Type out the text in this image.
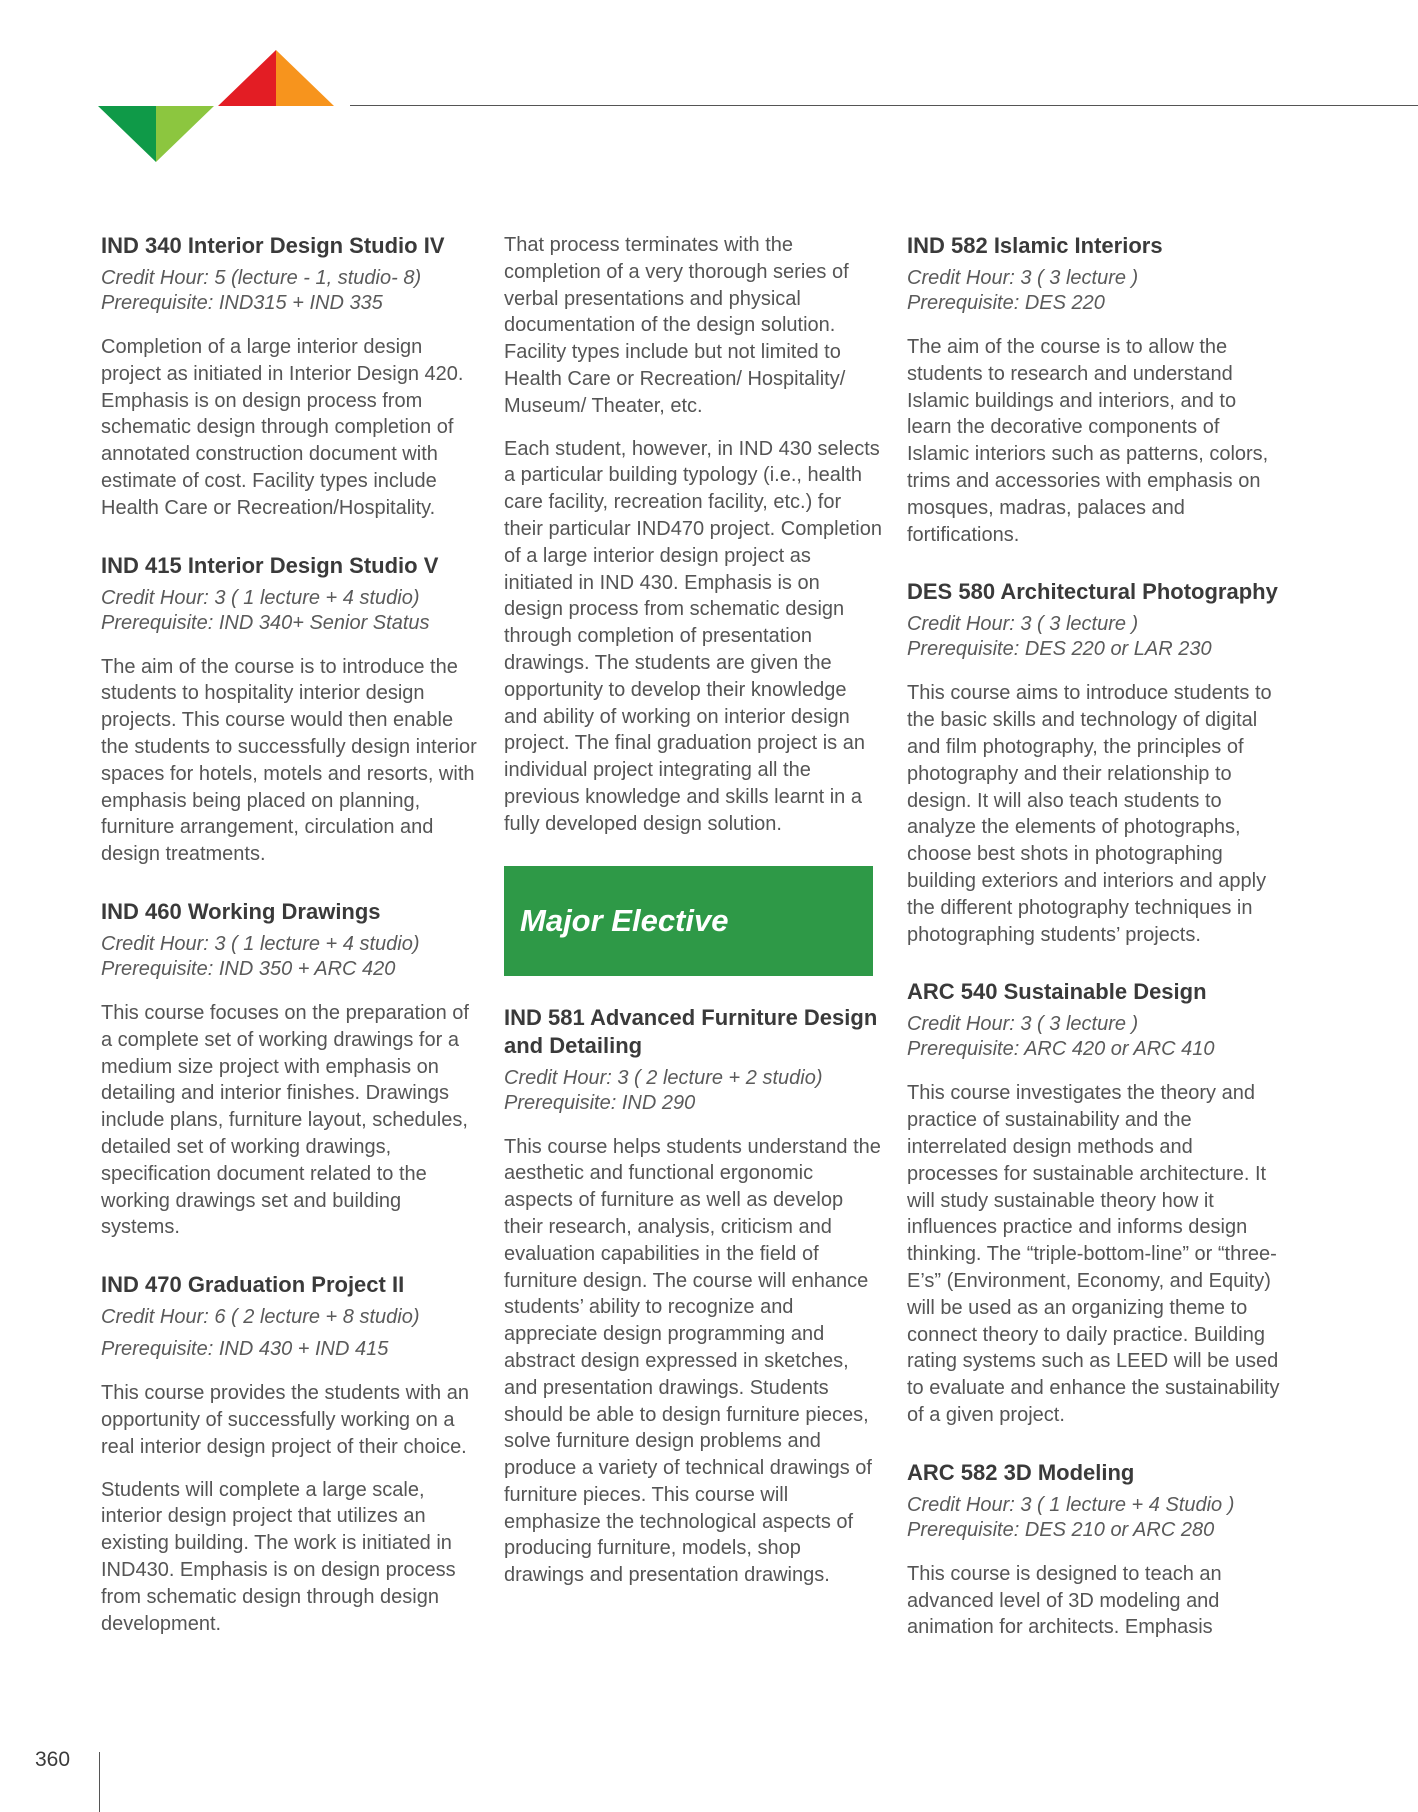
IND 340 Interior Design Studio IV
Credit Hour: 5 (lecture - 1, studio- 8)
Prerequisite: IND315 + IND 335

Completion of a large interior design project as initiated in Interior Design 420. Emphasis is on design process from schematic design through completion of annotated construction document with estimate of cost. Facility types include Health Care or Recreation/Hospitality.

IND 415 Interior Design Studio V
Credit Hour: 3 ( 1 lecture + 4 studio)
Prerequisite: IND 340+ Senior Status

The aim of the course is to introduce the students to hospitality interior design projects. This course would then enable the students to successfully design interior spaces for hotels, motels and resorts, with emphasis being placed on planning, furniture arrangement, circulation and design treatments.

IND 460 Working Drawings
Credit Hour: 3 ( 1 lecture + 4 studio)
Prerequisite: IND 350 + ARC 420

This course focuses on the preparation of a complete set of working drawings for a medium size project with emphasis on detailing and interior finishes. Drawings include plans, furniture layout, schedules, detailed set of working drawings, specification document related to the working drawings set and building systems.

IND 470 Graduation Project II
Credit Hour: 6 ( 2 lecture + 8 studio)
Prerequisite: IND 430 + IND 415

This course provides the students with an opportunity of successfully working on a real interior design project of their choice.

Students will complete a large scale, interior design project that utilizes an existing building. The work is initiated in IND430. Emphasis is on design process from schematic design through design development.

That process terminates with the completion of a very thorough series of verbal presentations and physical documentation of the design solution. Facility types include but not limited to Health Care or Recreation/ Hospitality/ Museum/ Theater, etc.

Each student, however, in IND 430 selects a particular building typology (i.e., health care facility, recreation facility, etc.) for their particular IND470 project. Completion of a large interior design project as initiated in IND 430. Emphasis is on design process from schematic design through completion of presentation drawings. The students are given the opportunity to develop their knowledge and ability of working on interior design project. The final graduation project is an individual project integrating all the previous knowledge and skills learnt in a fully developed design solution.

Major Elective
IND 581 Advanced Furniture Design and Detailing
Credit Hour: 3 ( 2 lecture + 2 studio)
Prerequisite: IND 290

This course helps students understand the aesthetic and functional ergonomic aspects of furniture as well as develop their research, analysis, criticism and evaluation capabilities in the field of furniture design. The course will enhance students’ ability to recognize and appreciate design programming and abstract design expressed in sketches, and presentation drawings. Students should be able to design furniture pieces, solve furniture design problems and produce a variety of technical drawings of furniture pieces. This course will emphasize the technological aspects of producing furniture, models, shop drawings and presentation drawings.

IND 582 Islamic Interiors
Credit Hour: 3 ( 3 lecture )
Prerequisite: DES 220

The aim of the course is to allow the students to research and understand Islamic buildings and interiors, and to learn the decorative components of Islamic interiors such as patterns, colors, trims and accessories with emphasis on mosques, madras, palaces and fortifications.

DES 580 Architectural Photography
Credit Hour: 3 ( 3 lecture )
Prerequisite: DES 220 or LAR 230

This course aims to introduce students to the basic skills and technology of digital and film photography, the principles of photography and their relationship to design. It will also teach students to analyze the elements of photographs, choose best shots in photographing building exteriors and interiors and apply the different photography techniques in photographing students’ projects.

ARC 540 Sustainable Design
Credit Hour: 3 ( 3 lecture )
Prerequisite: ARC 420 or ARC 410

This course investigates the theory and practice of sustainability and the interrelated design methods and processes for sustainable architecture. It will study sustainable theory how it influences practice and informs design thinking. The “triple-bottom-line” or “three-E’s” (Environment, Economy, and Equity) will be used as an organizing theme to connect theory to daily practice. Building rating systems such as LEED will be used to evaluate and enhance the sustainability of a given project.

ARC 582 3D Modeling
Credit Hour: 3 ( 1 lecture + 4 Studio )
Prerequisite: DES 210 or ARC 280

This course is designed to teach an advanced level of 3D modeling and animation for architects. Emphasis

360
